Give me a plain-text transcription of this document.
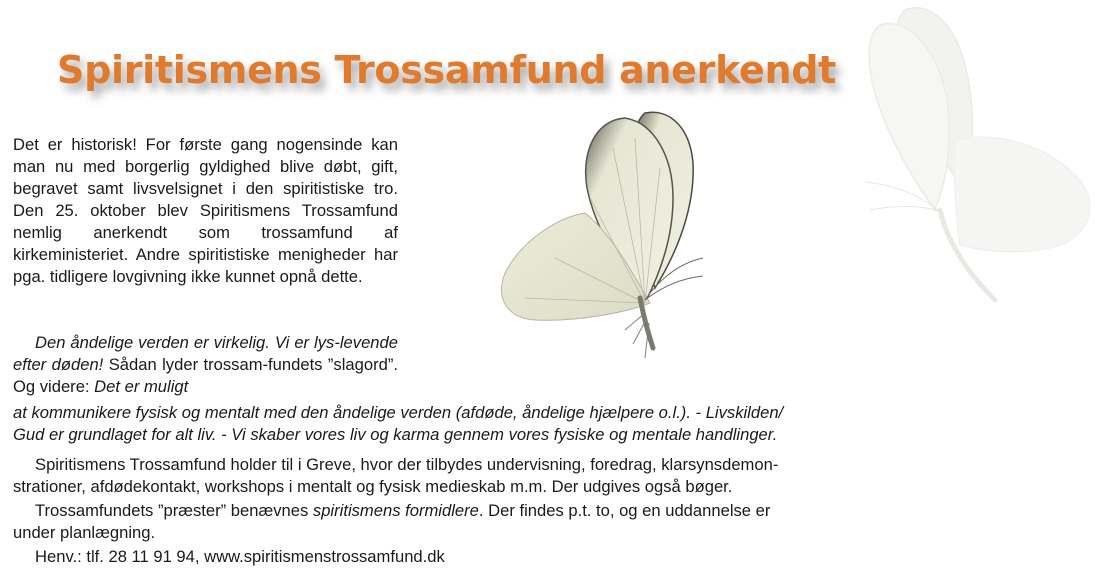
Spiritismens Trossamfund anerkendt

Det er historisk! For første gang nogensinde kan man nu med borgerlig gyldighed blive døbt, gift, begravet samt livsvelsignet i den spiritistiske tro. Den 25. oktober blev Spiritismens Trossamfund nemlig anerkendt som trossamfund af kirkeministeriet. Andre spiritistiske menigheder har pga. tidligere lovgivning ikke kunnet opnå dette.

Den åndelige verden er virkelig. Vi er lys-levende efter døden! Sådan lyder trossam-fundets ”slagord”. Og videre: Det er muligt

at kommunikere fysisk og mentalt med den åndelige verden (afdøde, åndelige hjælpere o.l.). - Livskilden/
Gud er grundlaget for alt liv. - Vi skaber vores liv og karma gennem vores fysiske og mentale handlinger.

Spiritismens Trossamfund holder til i Greve, hvor der tilbydes undervisning, foredrag, klarsynsdemon-
strationer, afdødekontakt, workshops i mentalt og fysisk medieskab m.m. Der udgives også bøger.

Trossamfundets ”præster” benævnes spiritismens formidlere. Der findes p.t. to, og en uddannelse er
under planlægning.

Henv.: tlf. 28 11 91 94, www.spiritismenstrossamfund.dk
